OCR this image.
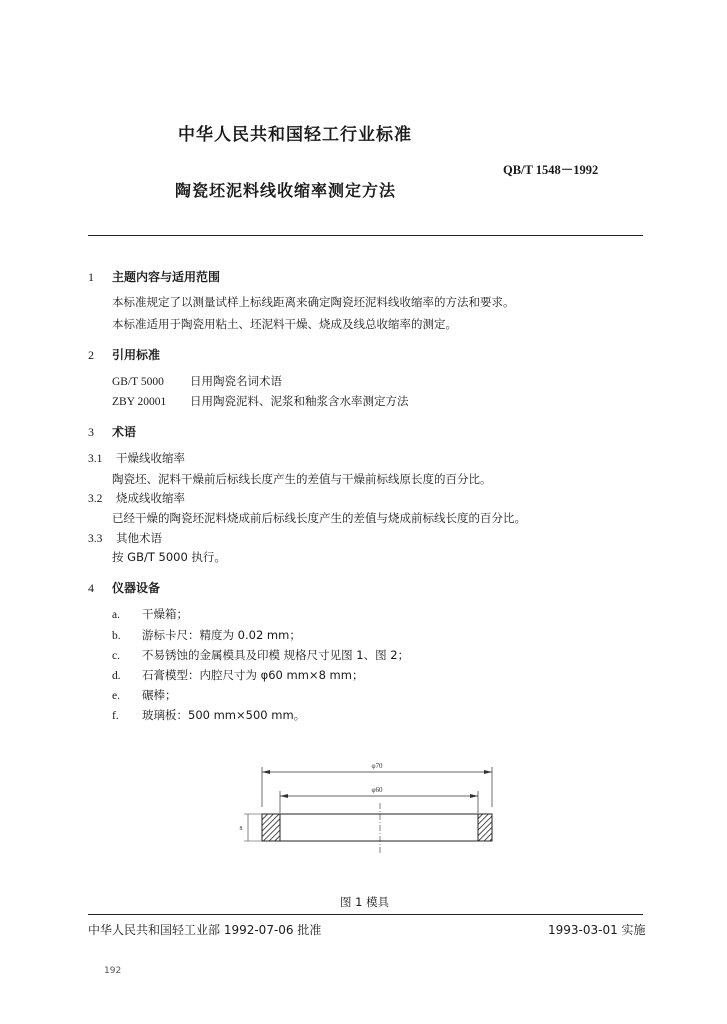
中华人民共和国轻工行业标准
QB/T 1548－1992
陶瓷坯泥料线收缩率测定方法
1 主题内容与适用范围
本标准规定了以测量试样上标线距离来确定陶瓷坯泥料线收缩率的方法和要求。
本标准适用于陶瓷用粘土、坯泥料干燥、烧成及线总收缩率的测定。
2 引用标准
GB/T 5000 日用陶瓷名词术语
ZBY 20001 日用陶瓷泥料、泥浆和釉浆含水率测定方法
3 术语
3.1 干燥线收缩率
陶瓷坯、泥料干燥前后标线长度产生的差值与干燥前标线原长度的百分比。
3.2 烧成线收缩率
已经干燥的陶瓷坯泥料烧成前后标线长度产生的差值与烧成前标线长度的百分比。
3.3 其他术语
按 GB/T 5000 执行。
4 仪器设备
a. 干燥箱；
b. 游标卡尺：精度为 0.02 mm；
c. 不易锈蚀的金属模具及印模 规格尺寸见图 1、图 2；
d. 石膏模型：内腔尺寸为 φ60 mm×8 mm；
e. 碾棒；
f. 玻璃板：500 mm×500 mm。
φ70
φ60
8
图 1 模具
中华人民共和国轻工业部 1992-07-06 批准	1993-03-01 实施
192
